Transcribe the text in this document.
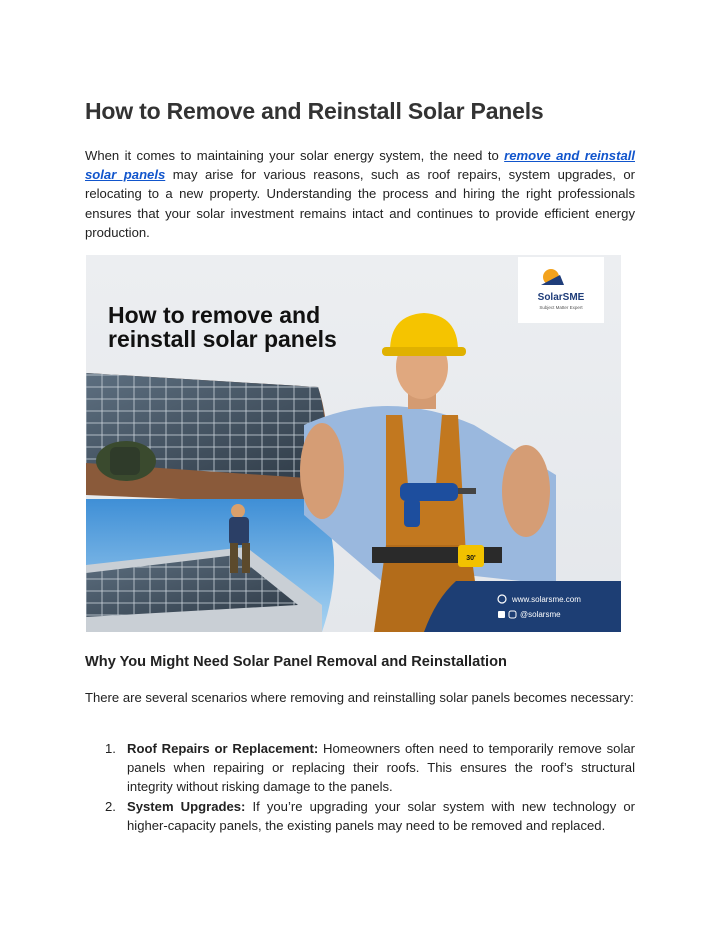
How to Remove and Reinstall Solar Panels

When it comes to maintaining your solar energy system, the need to remove and reinstall solar panels may arise for various reasons, such as roof repairs, system upgrades, or relocating to a new property. Understanding the process and hiring the right professionals ensures that your solar investment remains intact and continues to provide efficient energy production.

How to remove and
reinstall solar panels
SolarSME
Subject Matter Expert
30'
www.solarsme.com
@solarsme
Why You Might Need Solar Panel Removal and Reinstallation

There are several scenarios where removing and reinstalling solar panels becomes necessary:

1. Roof Repairs or Replacement: Homeowners often need to temporarily remove solar panels when repairing or replacing their roofs. This ensures the roof’s structural integrity without risking damage to the panels.
2. System Upgrades: If you’re upgrading your solar system with new technology or higher-capacity panels, the existing panels may need to be removed and replaced.
